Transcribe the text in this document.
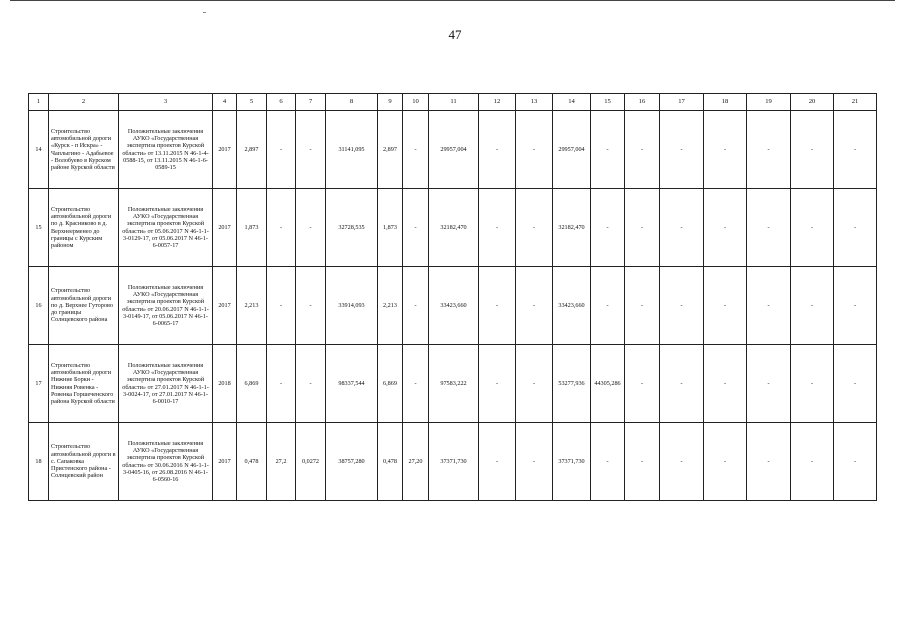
47
1	2	3	4	5	6	7	8	9	10	11	12	13	14	15	16	17	18	19	20	21
14	Строительство автомобильной дороги «Курск - п Искра» - Чаплыгино - Адабьевое - Волобуево в Курском районе Курской области	Положительные заключения АУКО «Государственная экспертиза проектов Курской области» от 13.11.2015 N 46-1-4-0588-15, от 13.11.2015 N 46-1-6-0589-15	2017	2,897	-	-	31141,095	2,897	-	29957,004	-	-	29957,004	-	-	-	-	-	-	-
15	Строительство автомобильной дороги по д. Красниково в д. Верхнеерменео до границы с Курским районом	Положительные заключения АУКО «Государственная экспертиза проектов Курской области» от 05.06.2017 N 46-1-1-3-0129-17, от 05.06.2017 N 46-1-6-0057-17	2017	1,873	-	-	32728,535	1,873	-	32182,470	-	-	32182,470	-	-	-	-	-	-	-
16	Строительство автомобильной дороги по д. Верхнее Гуторово до границы Солнцевского района	Положительные заключения АУКО «Государственная экспертиза проектов Курской области» от 20.06.2017 N 46-1-1-3-0149-17, от 05.06.2017 N 46-1-6-0065-17	2017	2,213	-	-	33914,093	2,213	-	33423,660	-	-	33423,660	-	-	-	-	-	-	-
17	Строительство автомобильной дороги Нижние Борки - Нижняя Ровенка - Ровенка Горшеченского района Курской области	Положительные заключения АУКО «Государственная экспертиза проектов Курской области» от 27.01.2017 N 46-1-1-3-0024-17, от 27.01.2017 N 46-1-6-0010-17	2018	6,869	-	-	98337,544	6,869	-	97583,222	-	-	53277,936	44305,286	-	-	-	-	-	-
18	Строительство автомобильной дороги в с. Сапаковка Пристенского района - Солнцевский район	Положительные заключения АУКО «Государственная экспертиза проектов Курской области» от 30.06.2016 N 46-1-1-3-0405-16, от 26.08.2016 N 46-1-6-0560-16	2017	0,478	27,2	0,0272	38757,280	0,478	27,20	37371,730	-	-	37371,730	-	-	-	-	-	-	-
